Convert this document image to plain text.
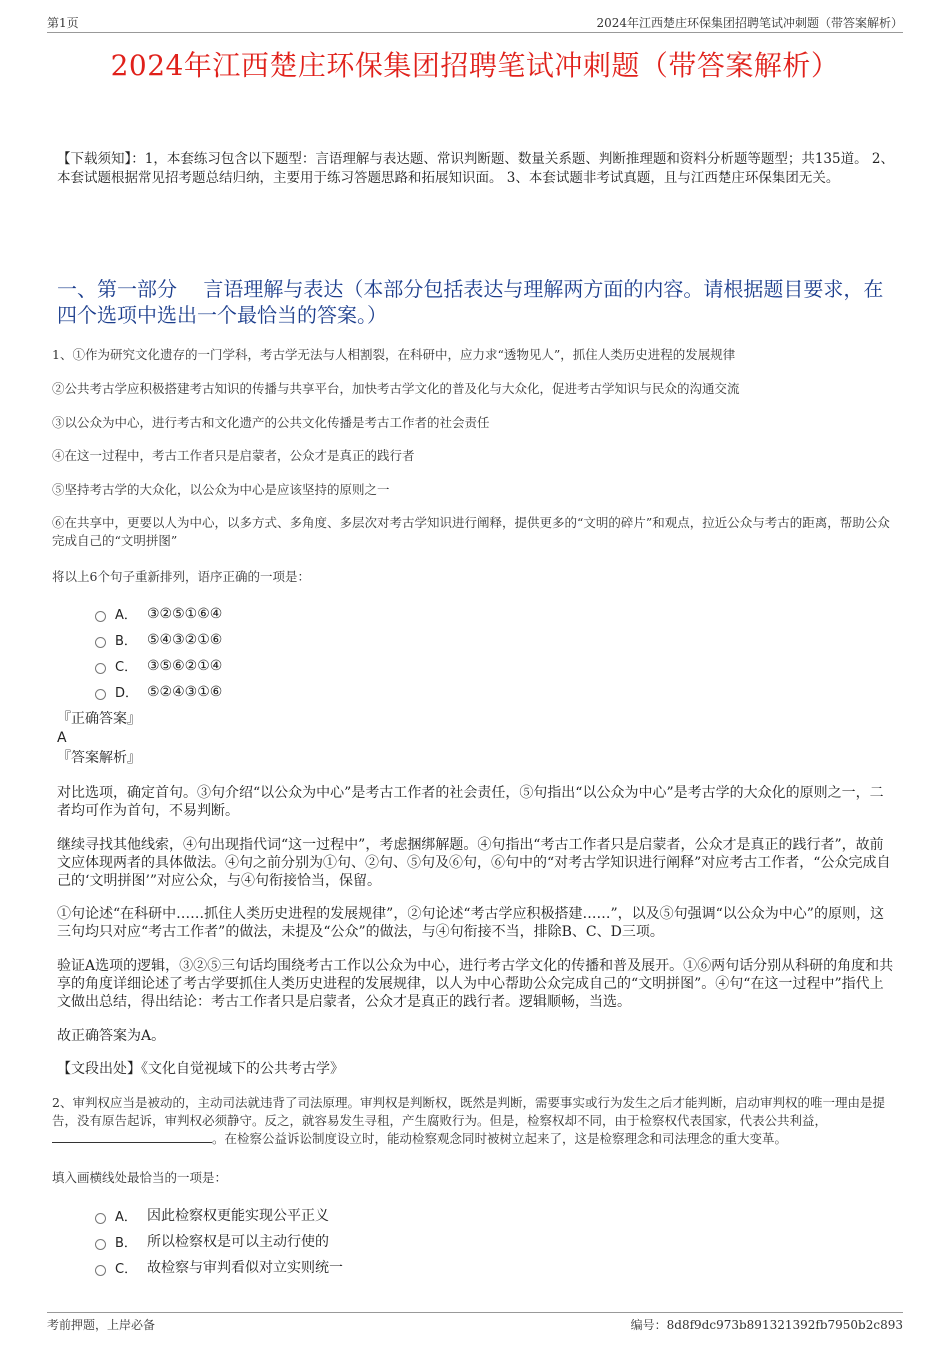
第1页	2024年江西楚庄环保集团招聘笔试冲刺题（带答案解析）
2024年江西楚庄环保集团招聘笔试冲刺题（带答案解析）
【下载须知】：1，本套练习包含以下题型：言语理解与表达题、常识判断题、数量关系题、判断推理题和资料分析题等题型；共135道。 2、本套试题根据常见招考题总结归纳，主要用于练习答题思路和拓展知识面。 3、本套试题非考试真题，且与江西楚庄环保集团无关。
一、第一部分　 言语理解与表达（本部分包括表达与理解两方面的内容。请根据题目要求，在四个选项中选出一个最恰当的答案。）
1、①作为研究文化遗存的一门学科，考古学无法与人相割裂，在科研中，应力求“透物见人”，抓住人类历史进程的发展规律
②公共考古学应积极搭建考古知识的传播与共享平台，加快考古学文化的普及化与大众化，促进考古学知识与民众的沟通交流
③以公众为中心，进行考古和文化遗产的公共文化传播是考古工作者的社会责任
④在这一过程中，考古工作者只是启蒙者，公众才是真正的践行者
⑤坚持考古学的大众化，以公众为中心是应该坚持的原则之一
⑥在共享中，更要以人为中心，以多方式、多角度、多层次对考古学知识进行阐释，提供更多的“文明的碎片”和观点，拉近公众与考古的距离，帮助公众完成自己的“文明拼图”
将以上6个句子重新排列，语序正确的一项是：
A． ③②⑤①⑥④
B． ⑤④③②①⑥
C． ③⑤⑥②①④
D． ⑤②④③①⑥
『正确答案』
A
『答案解析』
对比选项，确定首句。③句介绍“以公众为中心”是考古工作者的社会责任，⑤句指出“以公众为中心”是考古学的大众化的原则之一，二者均可作为首句，不易判断。
继续寻找其他线索，④句出现指代词“这一过程中”，考虑捆绑解题。④句指出“考古工作者只是启蒙者，公众才是真正的践行者”，故前文应体现两者的具体做法。④句之前分别为①句、②句、⑤句及⑥句，⑥句中的“对考古学知识进行阐释”对应考古工作者，“公众完成自己的‘文明拼图’”对应公众，与④句衔接恰当，保留。
①句论述“在科研中……抓住人类历史进程的发展规律”，②句论述“考古学应积极搭建……”，以及⑤句强调“以公众为中心”的原则，这三句均只对应“考古工作者”的做法，未提及“公众”的做法，与④句衔接不当，排除B、C、D三项。
验证A选项的逻辑，③②⑤三句话均围绕考古工作以公众为中心，进行考古学文化的传播和普及展开。①⑥两句话分别从科研的角度和共享的角度详细论述了考古学要抓住人类历史进程的发展规律，以人为中心帮助公众完成自己的“文明拼图”。④句“在这一过程中”指代上文做出总结，得出结论：考古工作者只是启蒙者，公众才是真正的践行者。逻辑顺畅，当选。
故正确答案为A。
【文段出处】《文化自觉视域下的公共考古学》
2、审判权应当是被动的，主动司法就违背了司法原理。审判权是判断权，既然是判断，需要事实或行为发生之后才能判断，启动审判权的唯一理由是提告，没有原告起诉，审判权必须静守。反之，就容易发生寻租，产生腐败行为。但是，检察权却不同，由于检察权代表国家，代表公共利益，。在检察公益诉讼制度设立时，能动检察观念同时被树立起来了，这是检察理念和司法理念的重大变革。
填入画横线处最恰当的一项是：
A． 因此检察权更能实现公平正义
B． 所以检察权是可以主动行使的
C． 故检察与审判看似对立实则统一
考前押题，上岸必备	编号：8d8f9dc973b891321392fb7950b2c893
